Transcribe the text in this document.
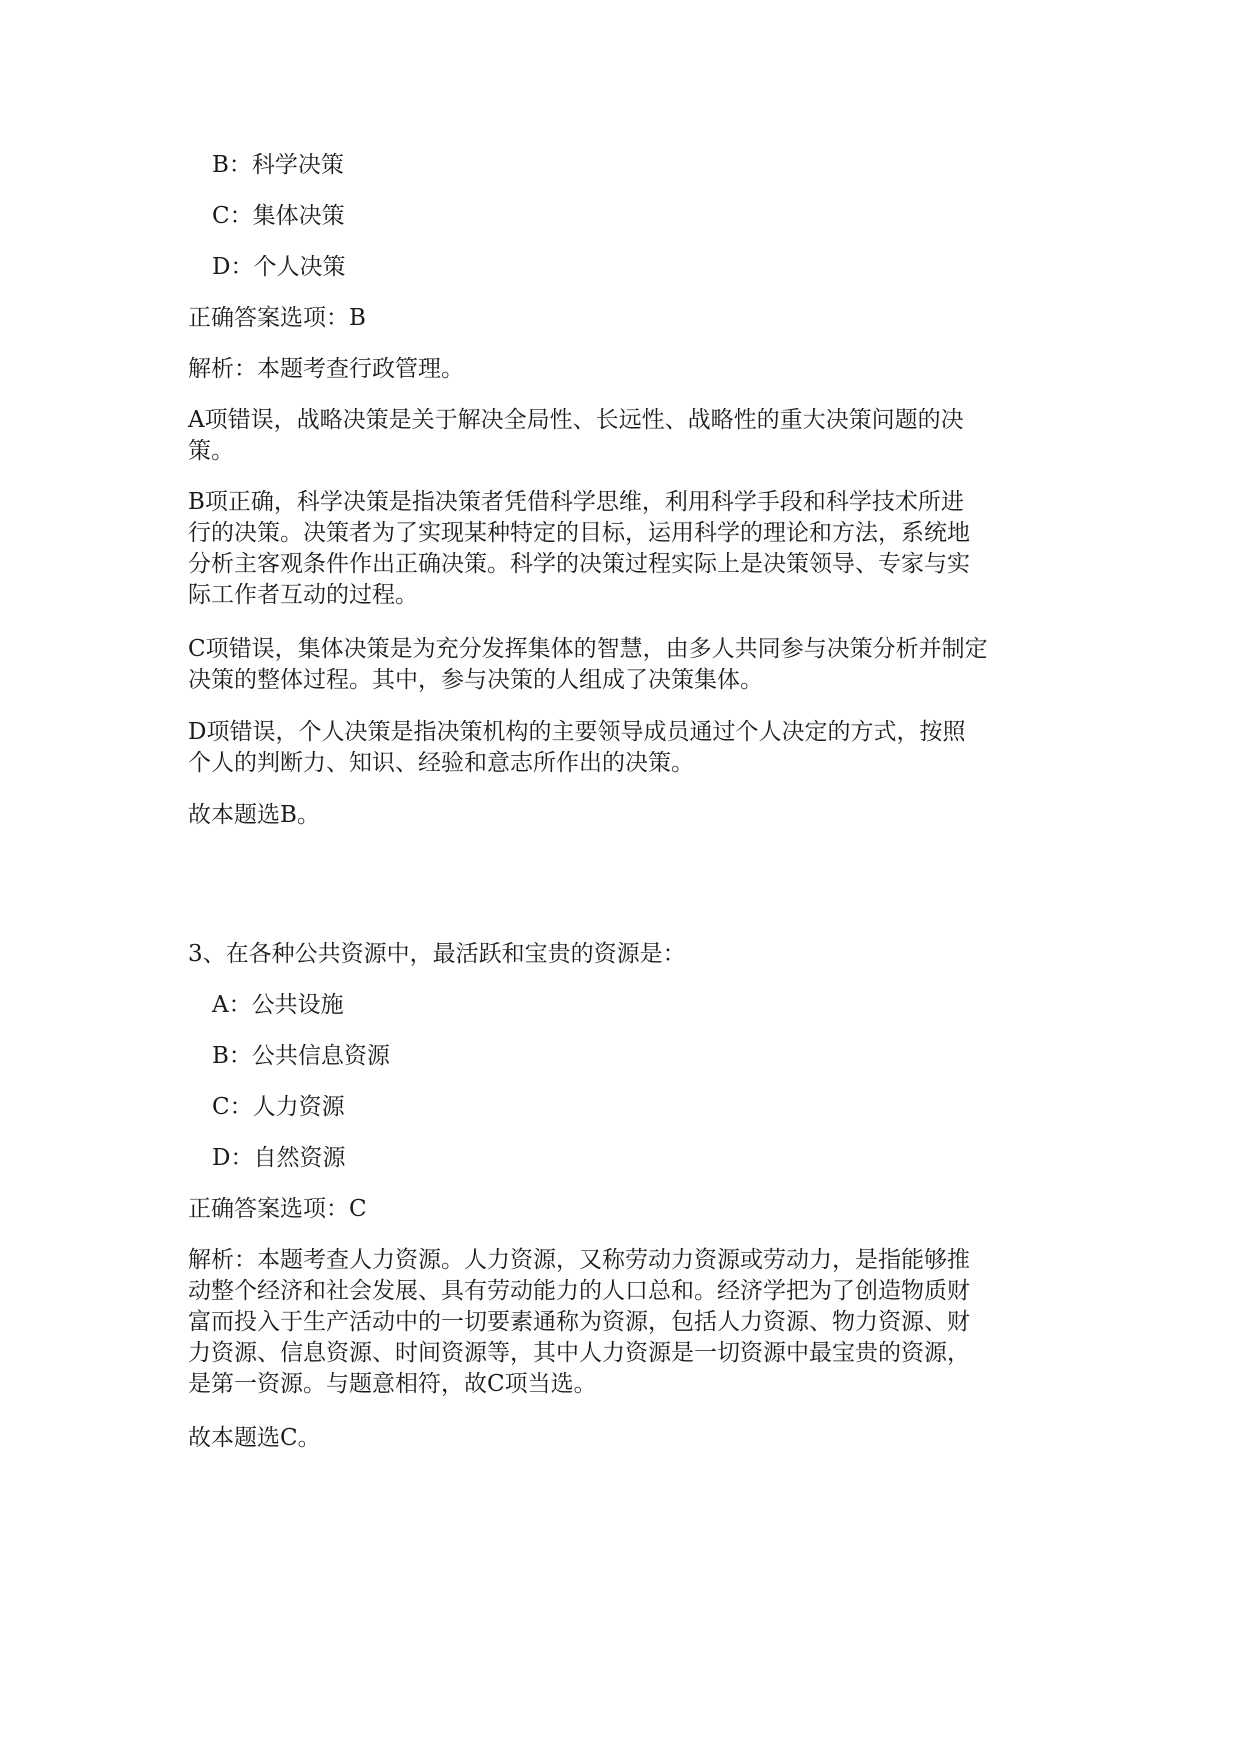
B：科学决策
C：集体决策
D：个人决策
正确答案选项：B
解析：本题考查行政管理。

A项错误，战略决策是关于解决全局性、长远性、战略性的重大决策问题的决

策。

B项正确，科学决策是指决策者凭借科学思维，利用科学手段和科学技术所进

行的决策。决策者为了实现某种特定的目标，运用科学的理论和方法，系统地

分析主客观条件作出正确决策。科学的决策过程实际上是决策领导、专家与实

际工作者互动的过程。

C项错误，集体决策是为充分发挥集体的智慧，由多人共同参与决策分析并制定

决策的整体过程。其中，参与决策的人组成了决策集体。

D项错误，个人决策是指决策机构的主要领导成员通过个人决定的方式，按照

个人的判断力、知识、经验和意志所作出的决策。

故本题选B。
3、在各种公共资源中，最活跃和宝贵的资源是：
A：公共设施
B：公共信息资源
C：人力资源
D：自然资源
正确答案选项：C

解析：本题考查人力资源。人力资源，又称劳动力资源或劳动力，是指能够推

动整个经济和社会发展、具有劳动能力的人口总和。经济学把为了创造物质财

富而投入于生产活动中的一切要素通称为资源，包括人力资源、物力资源、财

力资源、信息资源、时间资源等，其中人力资源是一切资源中最宝贵的资源，

是第一资源。与题意相符，故C项当选。

故本题选C。
